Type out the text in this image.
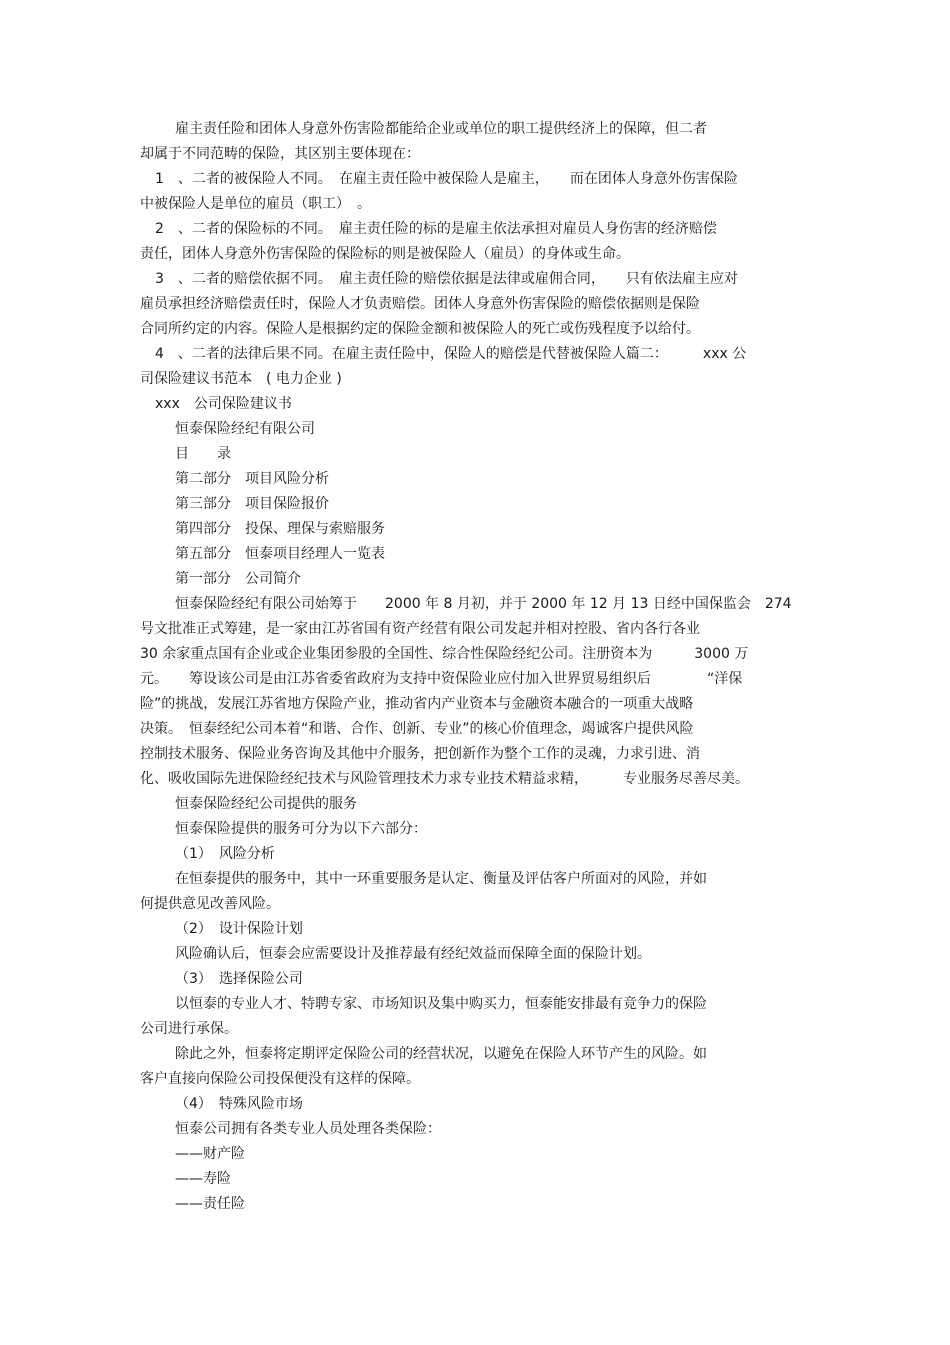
雇主责任险和团体人身意外伤害险都能给企业或单位的职工提供经济上的保障，但二者
却属于不同范畴的保险，其区别主要体现在：
1　、二者的被保险人不同。　在雇主责任险中被保险人是雇主，　　而在团体人身意外伤害保险
中被保险人是单位的雇员（职工）　。
2　、二者的保险标的不同。　雇主责任险的标的是雇主依法承担对雇员人身伤害的经济赔偿
责任，团体人身意外伤害保险的保险标的则是被保险人（雇员）的身体或生命。
3　、二者的赔偿依据不同。　雇主责任险的赔偿依据是法律或雇佣合同，　　只有依法雇主应对
雇员承担经济赔偿责任时，保险人才负责赔偿。团体人身意外伤害保险的赔偿依据则是保险
合同所约定的内容。保险人是根据约定的保险金额和被保险人的死亡或伤残程度予以给付。
4　、二者的法律后果不同。在雇主责任险中，保险人的赔偿是代替被保险人篇二：　　　xxx 公
司保险建议书范本　( 电力企业 )
xxx　公司保险建议书
恒泰保险经纪有限公司
目　　录
第二部分　项目风险分析
第三部分　项目保险报价
第四部分　投保、理保与索赔服务
第五部分　恒泰项目经理人一览表
第一部分　公司简介
恒泰保险经纪有限公司始筹于　　2000 年 8 月初，并于 2000 年 12 月 13 日经中国保监会　274
号文批准正式筹建，是一家由江苏省国有资产经营有限公司发起并相对控股、省内各行各业
30 余家重点国有企业或企业集团参股的全国性、综合性保险经纪公司。注册资本为　　　3000 万
元。　　筹设该公司是由江苏省委省政府为支持中资保险业应付加入世界贸易组织后　　　　“洋保
险”的挑战，发展江苏省地方保险产业，推动省内产业资本与金融资本融合的一项重大战略
决策。　恒泰经纪公司本着“和谐、合作、创新、专业”的核心价值理念，竭诚客户提供风险
控制技术服务、保险业务咨询及其他中介服务，把创新作为整个工作的灵魂，力求引进、消
化、吸收国际先进保险经纪技术与风险管理技术力求专业技术精益求精，　　　专业服务尽善尽美。
恒泰保险经纪公司提供的服务
恒泰保险提供的服务可分为以下六部分：
（1）　风险分析
在恒泰提供的服务中，其中一环重要服务是认定、衡量及评估客户所面对的风险，并如
何提供意见改善风险。
（2）　设计保险计划
风险确认后，恒泰会应需要设计及推荐最有经纪效益而保障全面的保险计划。
（3）　选择保险公司
以恒泰的专业人才、特聘专家、市场知识及集中购买力，恒泰能安排最有竞争力的保险
公司进行承保。
除此之外，恒泰将定期评定保险公司的经营状况，以避免在保险人环节产生的风险。如
客户直接向保险公司投保便没有这样的保障。
（4）　特殊风险市场
恒泰公司拥有各类专业人员处理各类保险：
——财产险
——寿险
——责任险
